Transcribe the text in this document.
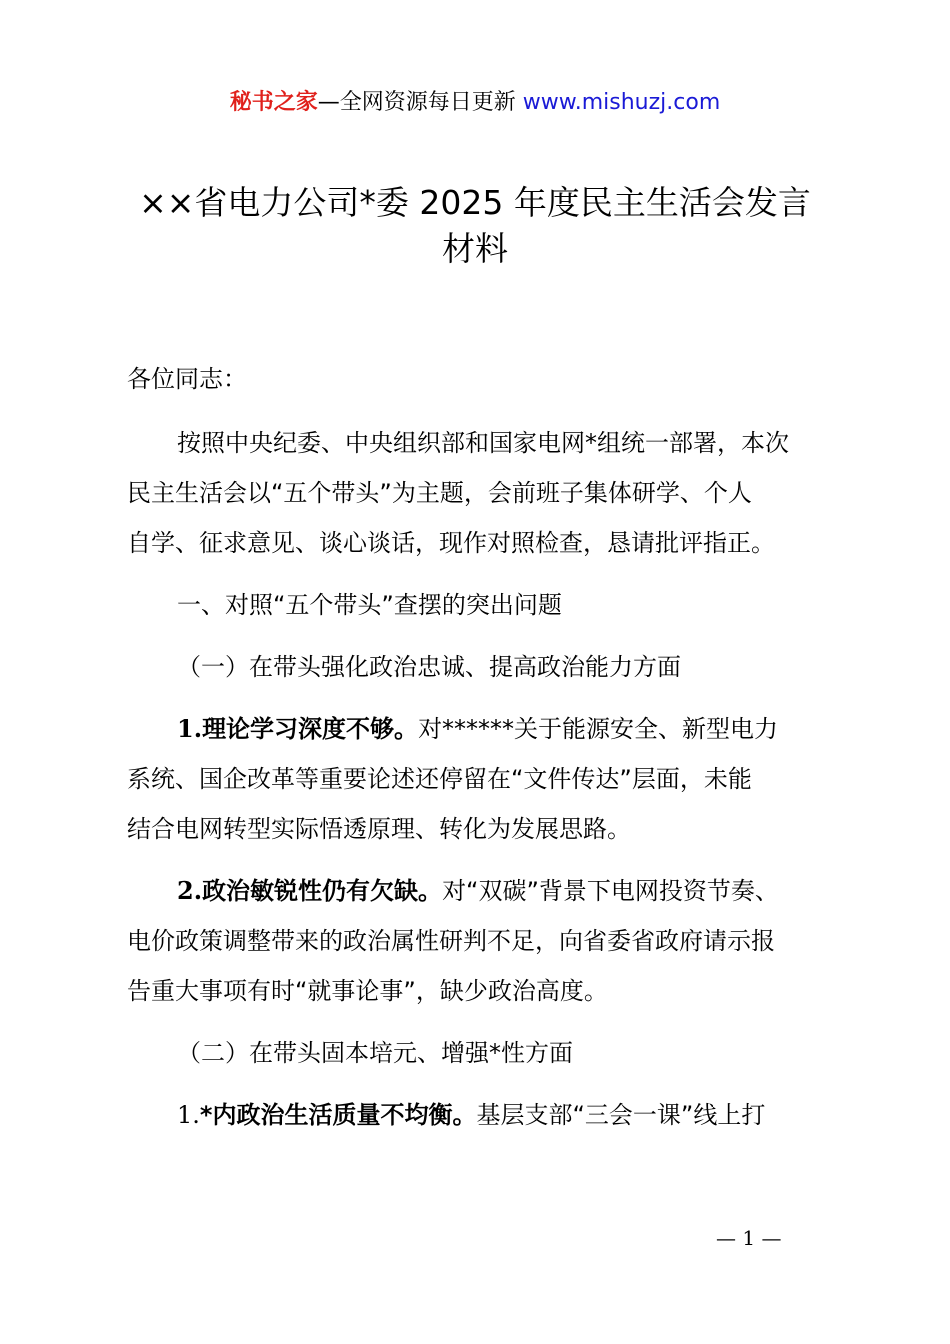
秘书之家—全网资源每日更新 www.mishuzj.com
××省电力公司*委 2025 年度民主生活会发言
材料
各位同志：
按照中央纪委、中央组织部和国家电网*组统一部署，本次
民主生活会以“五个带头”为主题，会前班子集体研学、个人
自学、征求意见、谈心谈话，现作对照检查，恳请批评指正。
一、对照“五个带头”查摆的突出问题
（一）在带头强化政治忠诚、提高政治能力方面
1.理论学习深度不够。对******关于能源安全、新型电力
系统、国企改革等重要论述还停留在“文件传达”层面，未能
结合电网转型实际悟透原理、转化为发展思路。
2.政治敏锐性仍有欠缺。对“双碳”背景下电网投资节奏、
电价政策调整带来的政治属性研判不足，向省委省政府请示报
告重大事项有时“就事论事”，缺少政治高度。
（二）在带头固本培元、增强*性方面
1.*内政治生活质量不均衡。基层支部“三会一课”线上打
— 1 —
